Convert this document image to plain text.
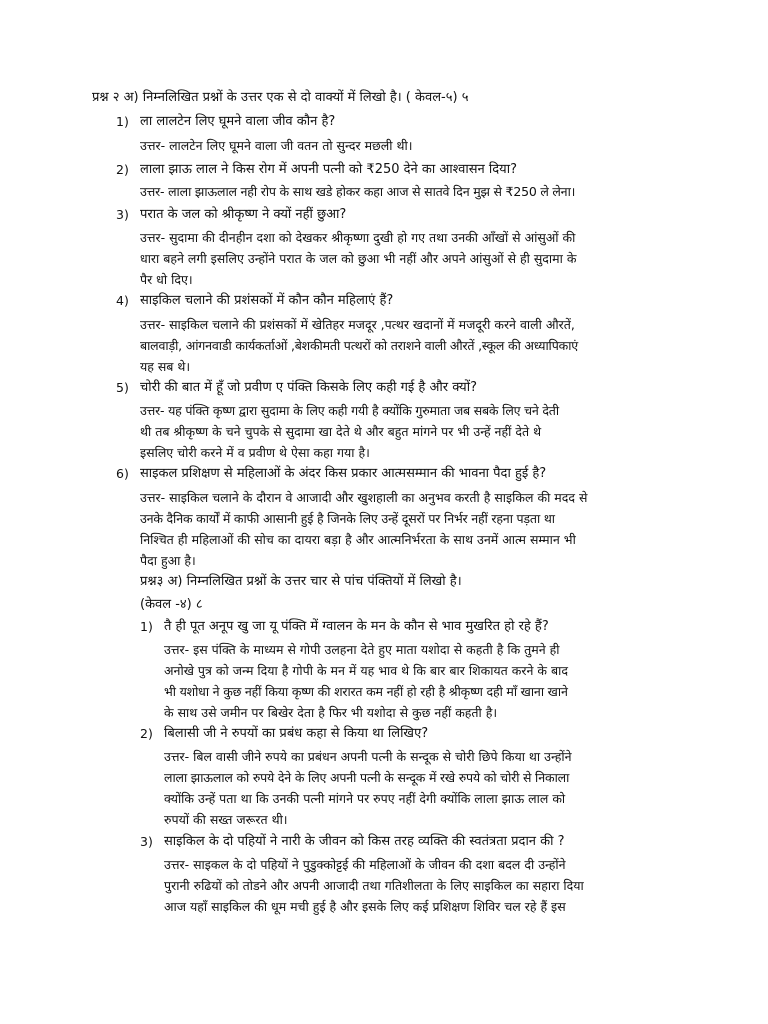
प्रश्न २ अ) निम्नलिखित प्रश्नों के उत्तर एक से दो वाक्यों में लिखो है। ( केवल-५) ५
1) ला लालटेन लिए घूमने वाला जीव कौन है?
उत्तर- लालटेन लिए घूमने वाला जी वतन तो सुन्दर मछली थी।
2) लाला झाऊ लाल ने किस रोग में अपनी पत्नी को ₹250 देने का आश्वासन दिया?
उत्तर- लाला झाऊलाल नही रोप के साथ खडे होकर कहा आज से सातवे दिन मुझ से ₹250 ले लेना।
3) परात के जल को श्रीकृष्ण ने क्यों नहीं छुआ?
उत्तर- सुदामा की दीनहीन दशा को देखकर श्रीकृष्णा दुखी हो गए तथा उनकी आँखों से आंसुओं की
धारा बहने लगी इसलिए उन्होंने परात के जल को छुआ भी नहीं और अपने आंसुओं से ही सुदामा के
पैर धो दिए।
4) साइकिल चलाने की प्रशंसकों में कौन कौन महिलाएं हैं?
उत्तर- साइकिल चलाने की प्रशंसकों में खेतिहर मजदूर ,पत्थर खदानों में मजदूरी करने वाली औरतें,
बालवाड़ी, आंगनवाडी कार्यकर्ताओं ,बेशकीमती पत्थरों को तराशने वाली औरतें ,स्कूल की अध्यापिकाएं
यह सब थे।
5) चोरी की बात में हूँ जो प्रवीण ए पंक्ति किसके लिए कही गई है और क्यों?
उत्तर- यह पंक्ति कृष्ण द्वारा सुदामा के लिए कही गयी है क्योंकि गुरुमाता जब सबके लिए चने देती
थी तब श्रीकृष्ण के चने चुपके से सुदामा खा देते थे और बहुत मांगने पर भी उन्हें नहीं देते थे
इसलिए चोरी करने में व प्रवीण थे ऐसा कहा गया है।
6) साइकल प्रशिक्षण से महिलाओं के अंदर किस प्रकार आत्मसम्मान की भावना पैदा हुई है?
उत्तर- साइकिल चलाने के दौरान वे आजादी और खुशहाली का अनुभव करती है साइकिल की मदद से
उनके दैनिक कार्यों में काफी आसानी हुई है जिनके लिए उन्हें दूसरों पर निर्भर नहीं रहना पड़ता था
निश्चित ही महिलाओं की सोच का दायरा बड़ा है और आत्मनिर्भरता के साथ उनमें आत्म सम्मान भी
पैदा हुआ है।
प्रश्न३ अ) निम्नलिखित प्रश्नों के उत्तर चार से पांच पंक्तियों में लिखो है।
(केवल -४) ८
1) तै ही पूत अनूप खु जा यू पंक्ति में ग्वालन के मन के कौन से भाव मुखरित हो रहे हैं?
उत्तर- इस पंक्ति के माध्यम से गोपी उलहना देते हुए माता यशोदा से कहती है कि तुमने ही
अनोखे पुत्र को जन्म दिया है गोपी के मन में यह भाव थे कि बार बार शिकायत करने के बाद
भी यशोधा ने कुछ नहीं किया कृष्ण की शरारत कम नहीं हो रही है श्रीकृष्ण दही माँ खाना खाने
के साथ उसे जमीन पर बिखेर देता है फिर भी यशोदा से कुछ नहीं कहती है।
2) बिलासी जी ने रुपयों का प्रबंध कहा से किया था लिखिए?
उत्तर- बिल वासी जीने रुपये का प्रबंधन अपनी पत्नी के सन्दूक से चोरी छिपे किया था उन्होंने
लाला झाऊलाल को रुपये देने के लिए अपनी पत्नी के सन्दूक में रखे रुपये को चोरी से निकाला
क्योंकि उन्हें पता था कि उनकी पत्नी मांगने पर रुपए नहीं देगी क्योंकि लाला झाऊ लाल को
रुपयों की सख्त जरूरत थी।
3) साइकिल के दो पहियों ने नारी के जीवन को किस तरह व्यक्ति की स्वतंत्रता प्रदान की ?
उत्तर- साइकल के दो पहियों ने पुडुक्कोट्टई की महिलाओं के जीवन की दशा बदल दी उन्होंने
पुरानी रुढियों को तोडने और अपनी आजादी तथा गतिशीलता के लिए साइकिल का सहारा दिया
आज यहाँ साइकिल की धूम मची हुई है और इसके लिए कई प्रशिक्षण शिविर चल रहे हैं इस
